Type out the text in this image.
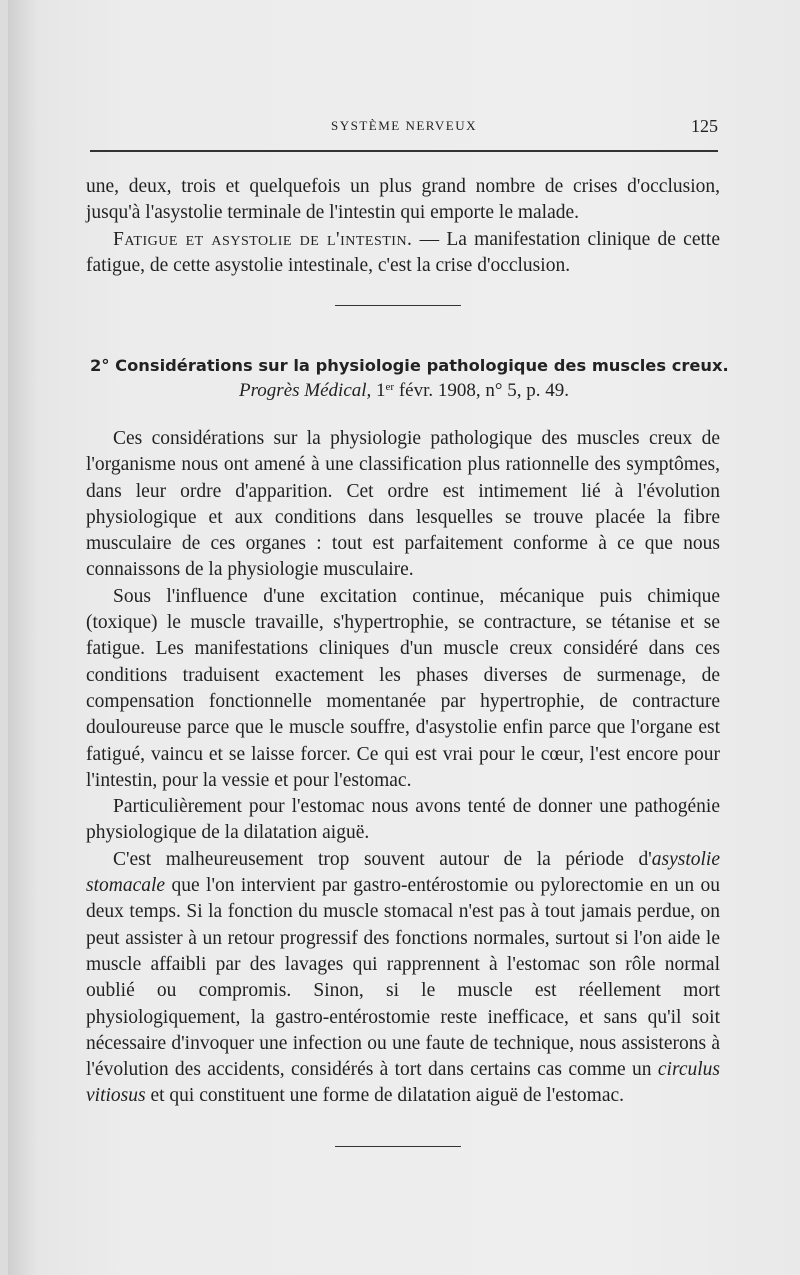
SYSTÈME NERVEUX	125

une, deux, trois et quelquefois un plus grand nombre de crises d'occlusion, jusqu'à l'asystolie terminale de l'intestin qui emporte le malade.

Fatigue et asystolie de l'intestin. — La manifestation clinique de cette fatigue, de cette asystolie intestinale, c'est la crise d'occlusion.

2° Considérations sur la physiologie pathologique des muscles creux.
Progrès Médical, 1er févr. 1908, n° 5, p. 49.

Ces considérations sur la physiologie pathologique des muscles creux de l'organisme nous ont amené à une classification plus rationnelle des symptômes, dans leur ordre d'apparition. Cet ordre est intimement lié à l'évolution physiologique et aux conditions dans lesquelles se trouve placée la fibre musculaire de ces organes : tout est parfaitement conforme à ce que nous connaissons de la physiologie musculaire.

Sous l'influence d'une excitation continue, mécanique puis chimique (toxique) le muscle travaille, s'hypertrophie, se contracture, se tétanise et se fatigue. Les manifestations cliniques d'un muscle creux considéré dans ces conditions traduisent exactement les phases diverses de surmenage, de compensation fonctionnelle momentanée par hypertrophie, de contracture douloureuse parce que le muscle souffre, d'asystolie enfin parce que l'organe est fatigué, vaincu et se laisse forcer. Ce qui est vrai pour le cœur, l'est encore pour l'intestin, pour la vessie et pour l'estomac.

Particulièrement pour l'estomac nous avons tenté de donner une pathogénie physiologique de la dilatation aiguë.

C'est malheureusement trop souvent autour de la période d'asystolie stomacale que l'on intervient par gastro-entérostomie ou pylorectomie en un ou deux temps. Si la fonction du muscle stomacal n'est pas à tout jamais perdue, on peut assister à un retour progressif des fonctions normales, surtout si l'on aide le muscle affaibli par des lavages qui rapprennent à l'estomac son rôle normal oublié ou compromis. Sinon, si le muscle est réellement mort physiologiquement, la gastro-entérostomie reste inefficace, et sans qu'il soit nécessaire d'invoquer une infection ou une faute de technique, nous assisterons à l'évolution des accidents, considérés à tort dans certains cas comme un circulus vitiosus et qui constituent une forme de dilatation aiguë de l'estomac.
